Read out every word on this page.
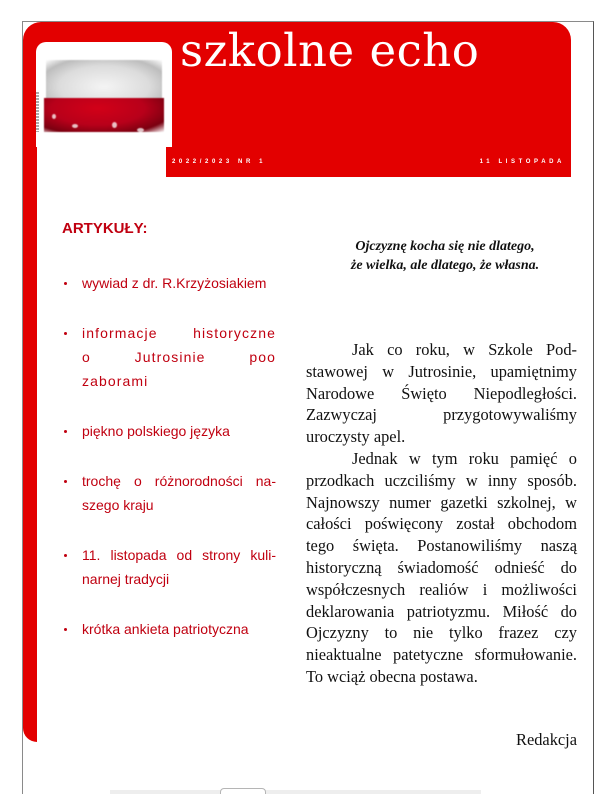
szkolne echo
2022/2023 NR 1	11 LISTOPADA
ARTYKUŁY:
wywiad z dr. R.Krzyżosiakiem
informacje historyczne o Jutrosinie poo zaborami
piękno polskiego języka
trochę o różnorodności na-szego kraju
11. listopada od strony kuli-narnej tradycji
krótka ankieta patriotyczna
Ojczyznę kocha się nie dlatego,
że wielka, ale dlatego, że własna.

Jak co roku, w Szkole Podstawowej w Jutrosinie, upamiętnimy Narodowe Święto Niepodległości. Zazwyczaj przygotowywaliśmy uroczysty apel.

Jednak w tym roku pamięć o przodkach uczciliśmy w inny sposób. Najnowszy numer gazetki szkolnej, w całości poświęcony został obchodom tego święta. Postanowiliśmy naszą historyczną świadomość odnieść do współczesnych realiów i możliwości deklarowania patriotyzmu. Miłość do Ojczyzny to nie tylko frazez czy nieaktualne patetyczne sformułowanie. To wciąż obecna postawa.

Redakcja
